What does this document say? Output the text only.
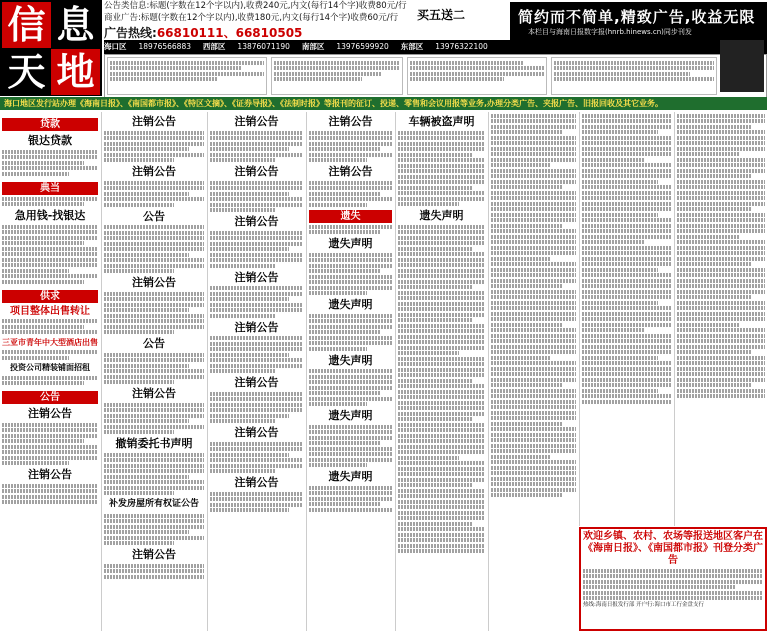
信 息
天 地
公告类信息:标题(字数在12个字以内),收费240元,内文(每行14个字)收费80元/行
商业广告:标题(字数在12个字以内),收费180元,内文(每行14个字)收费60元/行
广告热线:66810111、66810505
买五送二	简约而不简单,精致广告,收益无限
本栏目与海南日报数字报(hnrb.hinews.cn)同步刊发
海口区 18976566883 西部区 13876071190 南部区 13976599920 东部区 13976322100
海口地区发行站办理《海南日报》、《南国都市报》、《特区文摘》、《证券导报》、《法制时报》等报刊的征订、投递、零售和会议用报等业务,办理分类广告、夹报广告、旧报回收及其它业务。
贷款
银达贷款
典当
急用钱-找银达
供求
项目整体出售转让
三亚市青年中大型酒店出售
投资公司精装铺面招租
公告
注销公告
注销公告
注销公告
注销公告
公告
注销公告
公告
注销公告
撤销委托书声明
补发房屋所有权证公告
注销公告
注销公告
注销公告
注销公告
注销公告
注销公告
注销公告
注销公告
注销公告
注销公告
注销公告
遗失
遗失声明
遗失声明
遗失声明
遗失声明
遗失声明
车辆被盗声明
遗失声明
欢迎乡镇、农村、农场等报送地区客户在《海南日报》、《南国都市报》刊登分类广告
热线:海南日报发行部 开户行:海口市工行金盘支行
